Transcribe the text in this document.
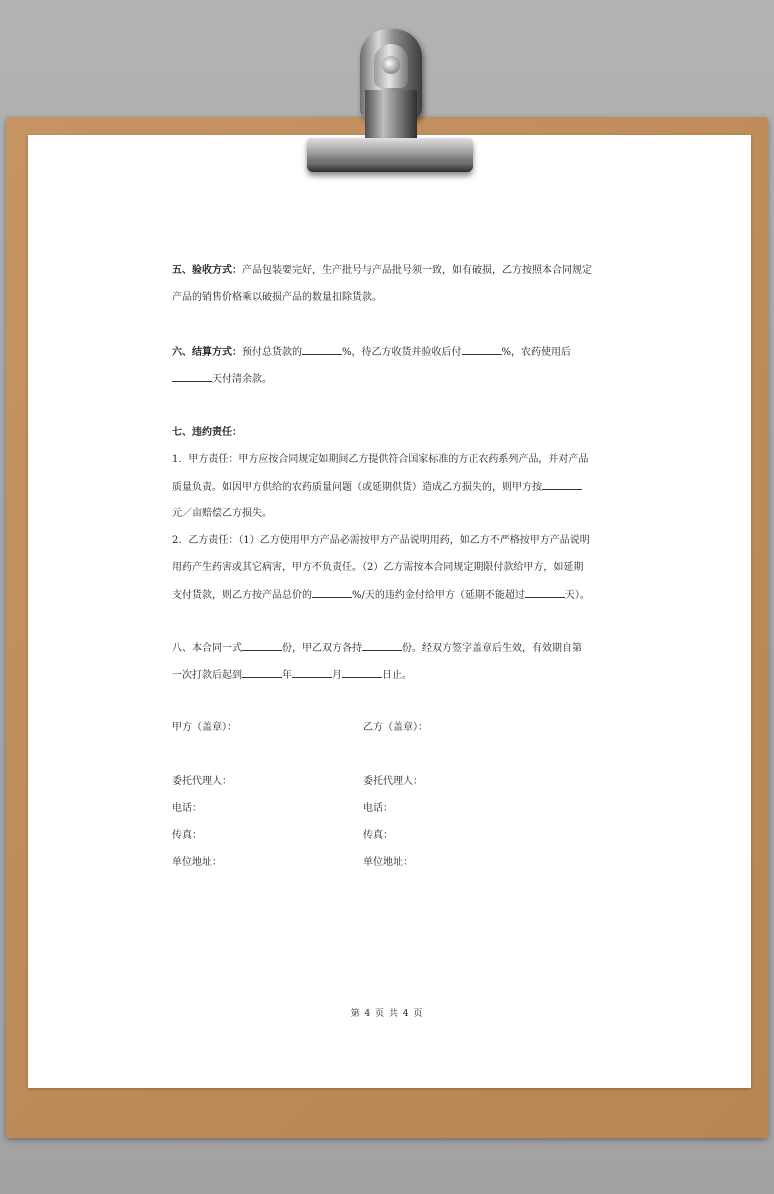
五、验收方式：产品包装要完好，生产批号与产品批号须一致，如有破损，乙方按照本合同规定
产品的销售价格乘以破损产品的数量扣除货款。
六、结算方式：预付总货款的	%，待乙方收货并验收后付	%，农药使用后
天付清余款。
七、违约责任：
1．甲方责任：甲方应按合同规定如期间乙方提供符合国家标准的方正农药系列产品，并对产品
质量负责。如因甲方供给的农药质量问题（或延期供货）造成乙方损失的，则甲方按
元／亩赔偿乙方损失。
2．乙方责任：（1）乙方使用甲方产品必需按甲方产品说明用药，如乙方不严格按甲方产品说明
用药产生药害或其它病害，甲方不负责任。（2）乙方需按本合同规定期限付款给甲方，如延期
支付货款，则乙方按产品总价的	%/天的违约金付给甲方（延期不能超过	天）。
八、本合同一式	份，甲乙双方各持	份。经双方签字盖章后生效，有效期自第
一次打款后起到	年	月	日止。
甲方（盖章）：	乙方（盖章）：
委托代理人：	委托代理人：
电话：	电话：
传真：	传真：
单位地址：	单位地址：
第 4 页 共 4 页
